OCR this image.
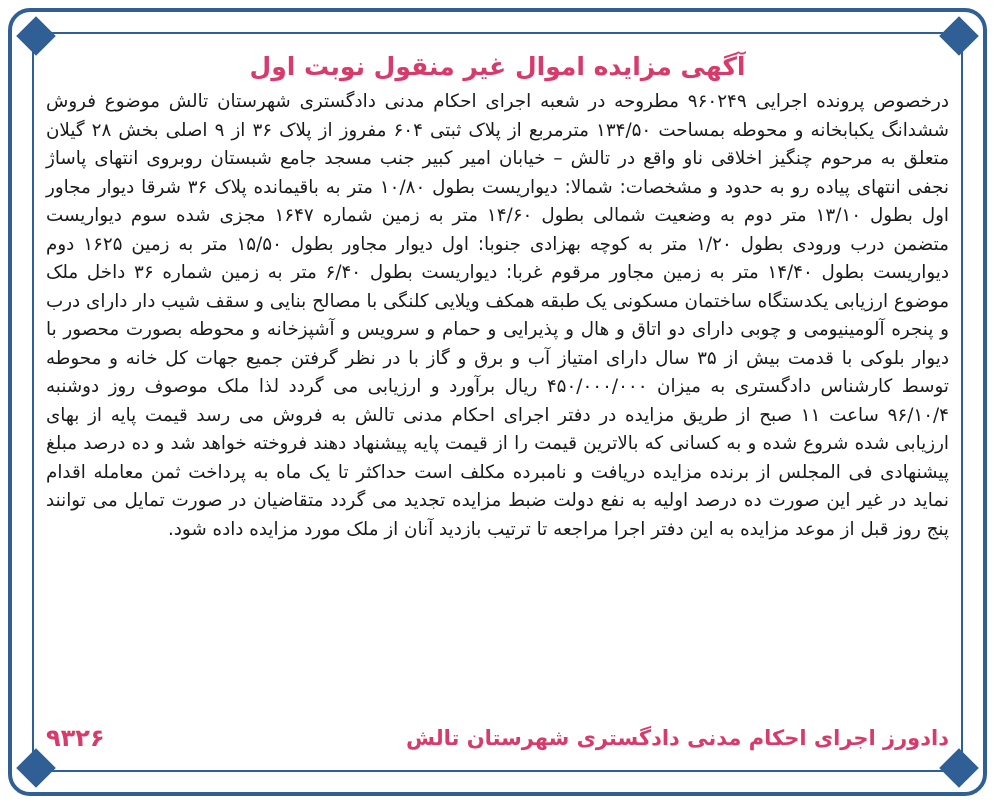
آگهی مزایده اموال غیر منقول نوبت اول

درخصوص پرونده اجرایی ۹۶۰۲۴۹ مطروحه در شعبه اجرای احکام مدنی دادگستری شهرستان تالش موضوع فروش ششدانگ یکبابخانه و محوطه بمساحت ۱۳۴/۵۰ مترمربع از پلاک ثبتی ۶۰۴ مفروز از پلاک ۳۶ از ۹ اصلی بخش ۲۸ گیلان متعلق به مرحوم چنگیز اخلاقی ناو واقع در تالش – خیابان امیر کبیر جنب مسجد جامع شبستان روبروی انتهای پاساژ نجفی انتهای پیاده رو به حدود و مشخصات: شمالا: دیواریست بطول ۱۰/۸۰ متر به باقیمانده پلاک ۳۶ شرقا دیوار مجاور اول بطول ۱۳/۱۰ متر دوم به وضعیت شمالی بطول ۱۴/۶۰ متر به زمین شماره ۱۶۴۷ مجزی شده سوم دیواریست متضمن درب ورودی بطول ۱/۲۰ متر به کوچه بهزادی جنوبا: اول دیوار مجاور بطول ۱۵/۵۰ متر به زمین ۱۶۲۵ دوم دیواریست بطول ۱۴/۴۰ متر به زمین مجاور مرقوم غربا: دیواریست بطول ۶/۴۰ متر به زمین شماره ۳۶ داخل ملک موضوع ارزیابی یکدستگاه ساختمان مسکونی یک طبقه همکف ویلایی کلنگی با مصالح بنایی و سقف شیب دار دارای درب و پنجره آلومینیومی و چوبی دارای دو اتاق و هال و پذیرایی و حمام و سرویس و آشپزخانه و محوطه بصورت محصور با دیوار بلوکی با قدمت بیش از ۳۵ سال دارای امتیاز آب و برق و گاز با در نظر گرفتن جمیع جهات کل خانه و محوطه توسط کارشناس دادگستری به میزان ۴۵۰/۰۰۰/۰۰۰ ریال برآورد و ارزیابی می گردد لذا ملک موصوف روز دوشنبه ۹۶/۱۰/۴ ساعت ۱۱ صبح از طریق مزایده در دفتر اجرای احکام مدنی تالش به فروش می رسد قیمت پایه از بهای ارزیابی شده شروع شده و به کسانی که بالاترین قیمت را از قیمت پایه پیشنهاد دهند فروخته خواهد شد و ده درصد مبلغ پیشنهادی فی المجلس از برنده مزایده دریافت و نامبرده مکلف است حداکثر تا یک ماه به پرداخت ثمن معامله اقدام نماید در غیر این صورت ده درصد اولیه به نفع دولت ضبط مزایده تجدید می گردد متقاضیان در صورت تمایل می توانند پنج روز قبل از موعد مزایده به این دفتر اجرا مراجعه تا ترتیب بازدید آنان از ملک مورد مزایده داده شود.

دادورز اجرای احکام مدنی دادگستری شهرستان تالش
۹۳۲۶
